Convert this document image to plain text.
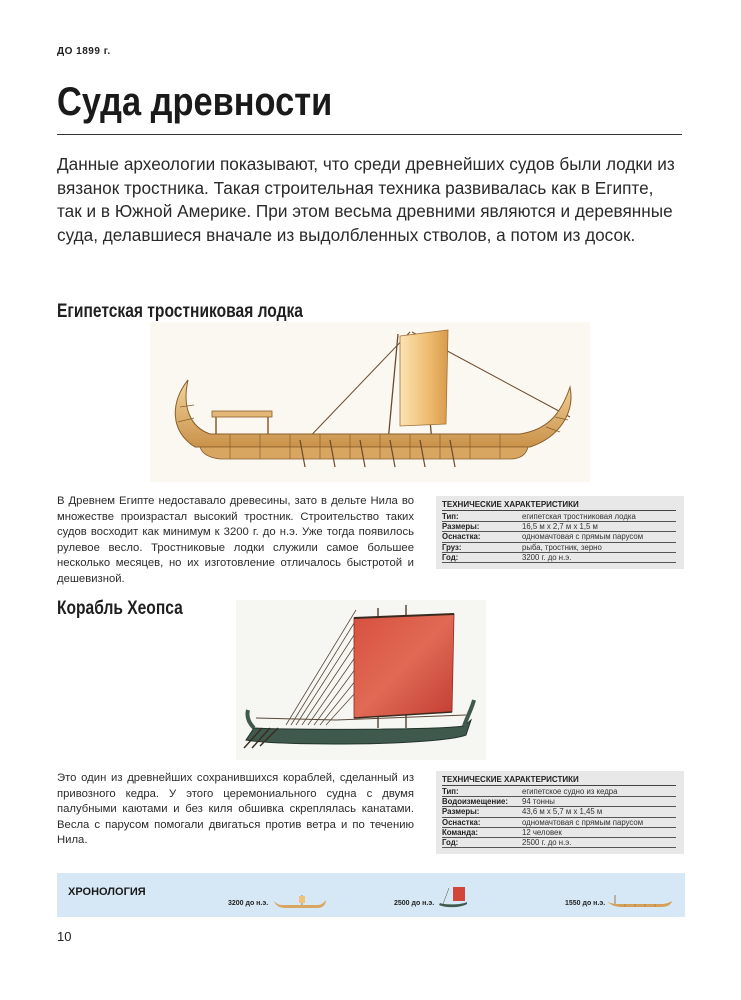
ДО 1899 г.
Суда древности
Данные археологии показывают, что среди древнейших судов были лодки из вязанок тростника. Такая строительная техника развивалась как в Египте, так и в Южной Америке. При этом весьма древними являются и деревянные суда, делавшиеся вначале из выдолбленных стволов, а потом из досок.
Египетская тростниковая лодка
В Древнем Египте недоставало древесины, зато в дельте Нила во множестве произрастал высокий тростник. Строительство таких судов восходит как минимум к 3200 г. до н.э. Уже тогда появилось рулевое весло. Тростниковые лодки служили самое большее несколько месяцев, но их изготовление отличалось быстротой и дешевизной.
ТЕХНИЧЕСКИЕ ХАРАКТЕРИСТИКИ
Тип:	египетская тростниковая лодка
Размеры:	16,5 м х 2,7 м х 1,5 м
Оснастка:	одномачтовая с прямым парусом
Груз:	рыба, тростник, зерно
Год:	3200 г. до н.э.
Корабль Хеопса
Это один из древнейших сохранившихся кораблей, сделанный из привозного кедра. У этого церемониального судна с двумя палубными каютами и без киля обшивка скреплялась канатами. Весла с парусом помогали двигаться против ветра и по течению Нила.
ТЕХНИЧЕСКИЕ ХАРАКТЕРИСТИКИ
Тип:	египетское судно из кедра
Водоизмещение:	94 тонны
Размеры:	43,6 м х 5,7 м х 1,45 м
Оснастка:	одномачтовая с прямым парусом
Команда:	12 человек
Год:	2500 г. до н.э.
ХРОНОЛОГИЯ
3200 до н.э.	2500 до н.э.	1550 до н.э.
10
